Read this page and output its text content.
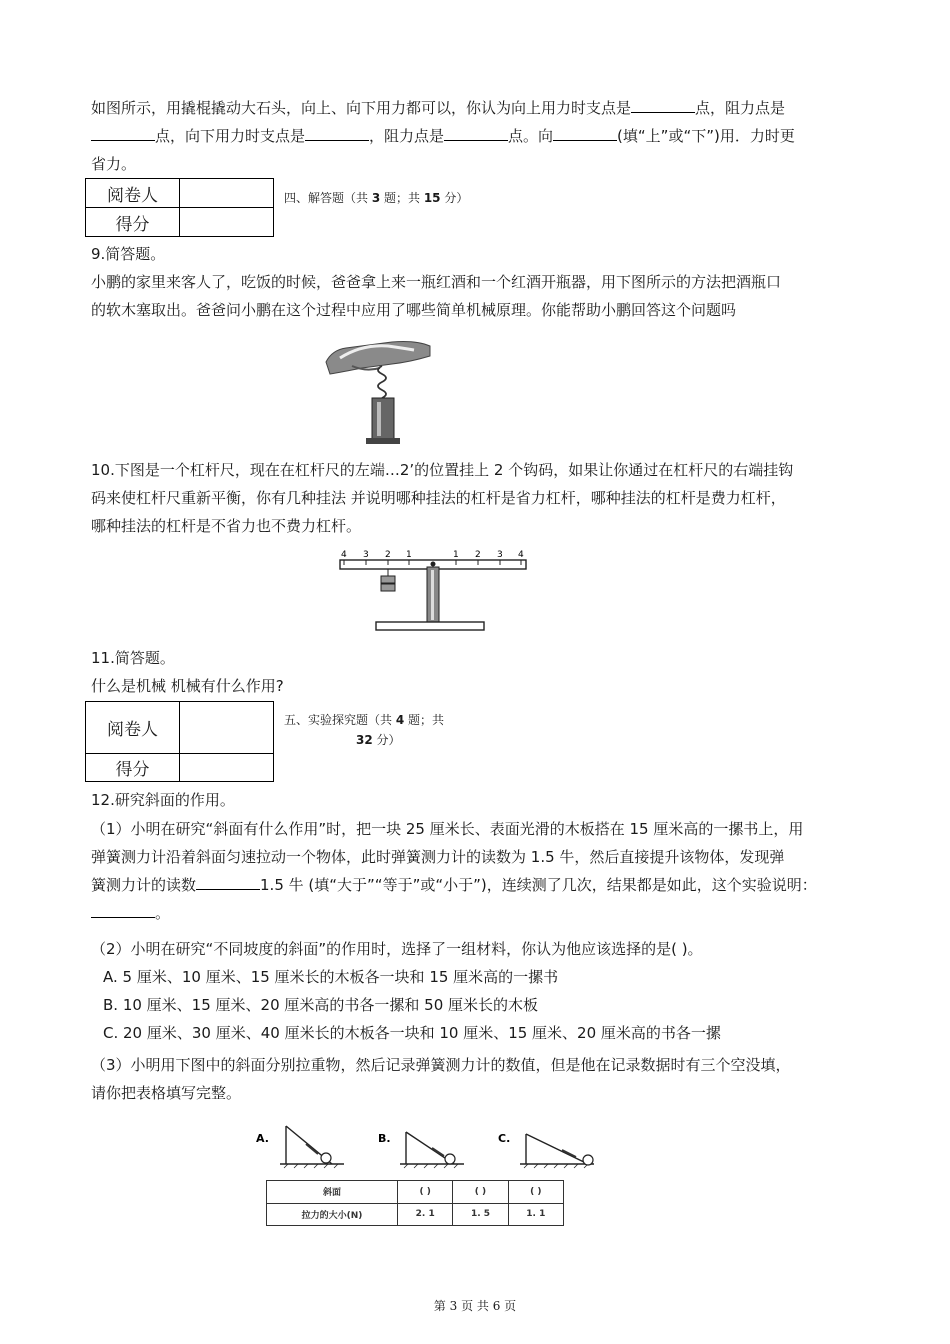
如图所示，用撬棍撬动大石头，向上、向下用力都可以，你认为向上用力时支点是	点，阻力点是
点，向下用力时支点是	，阻力点是	点。向	(填“上”或“下”)用．力时更
省力。
阅卷人	
得分	
四、解答题（共 3 题；共 15 分）
9.简答题。
小鹏的家里来客人了，吃饭的时候，爸爸拿上来一瓶红酒和一个红酒开瓶器，用下图所示的方法把酒瓶口
的软木塞取出。爸爸问小鹏在这个过程中应用了哪些简单机械原理。你能帮助小鹏回答这个问题吗
10.下图是一个杠杆尺，现在在杠杆尺的左端…2’的位置挂上 2 个钩码，如果让你通过在杠杆尺的右端挂钩
码来使杠杆尺重新平衡，你有几种挂法 并说明哪种挂法的杠杆是省力杠杆，哪种挂法的杠杆是费力杠杆，
哪种挂法的杠杆是不省力也不费力杠杆。
4 3 2 1	1 2 3 4
11.简答题。
什么是机械 机械有什么作用?
阅卷人	
得分	
五、实验探究题（共 4 题；共
32 分）
12.研究斜面的作用。
（1）小明在研究“斜面有什么作用”时，把一块 25 厘米长、表面光滑的木板搭在 15 厘米高的一摞书上，用
弹簧测力计沿着斜面匀速拉动一个物体，此时弹簧测力计的读数为 1.5 牛，然后直接提升该物体，发现弹
簧测力计的读数	1.5 牛 (填“大于”“等于”或“小于”)，连续测了几次，结果都是如此，这个实验说明：
。
（2）小明在研究“不同坡度的斜面”的作用时，选择了一组材料，你认为他应该选择的是( )。
A. 5 厘米、10 厘米、15 厘米长的木板各一块和 15 厘米高的一摞书
B. 10 厘米、15 厘米、20 厘米高的书各一摞和 50 厘米长的木板
C. 20 厘米、30 厘米、40 厘米长的木板各一块和 10 厘米、15 厘米、20 厘米高的书各一摞
（3）小明用下图中的斜面分别拉重物，然后记录弹簧测力计的数值，但是他在记录数据时有三个空没填，
请你把表格填写完整。
A.	B.	C.
斜面	( )	( )	( )
拉力的大小(N)	2. 1	1. 5	1. 1
第 3 页 共 6 页
